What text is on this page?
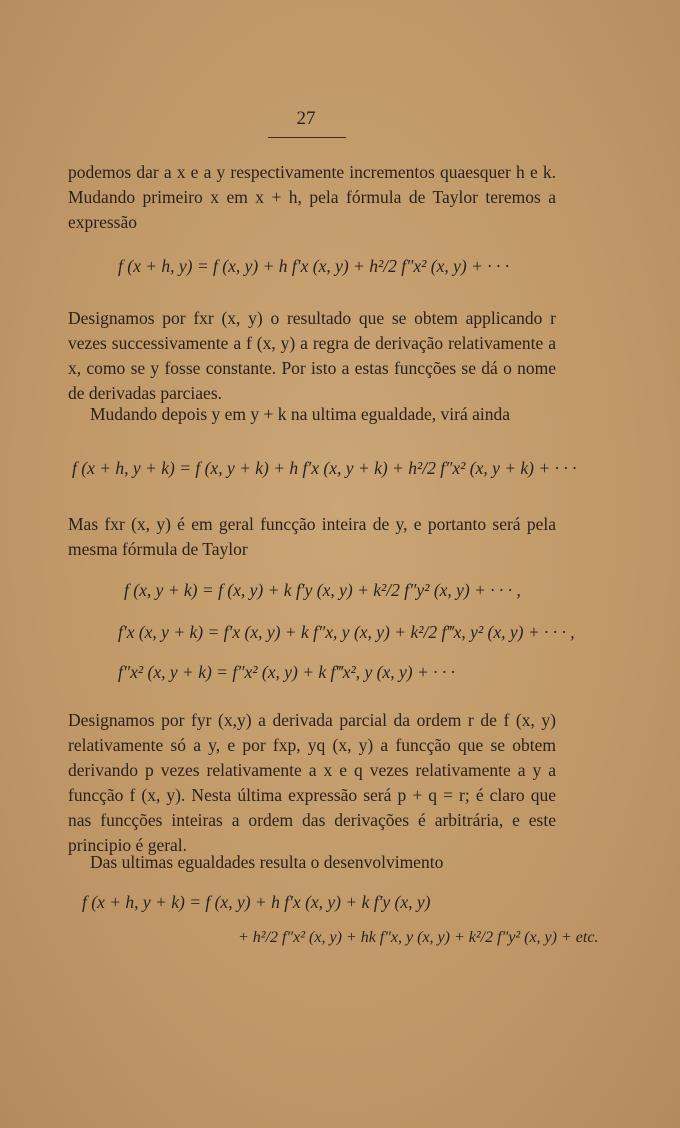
27

podemos dar a x e a y respectivamente incrementos quaesquer h e k. Mudando primeiro x em x + h, pela fórmula de Taylor teremos a expressão

f (x + h, y) = f (x, y) + h f′x (x, y) + h²/2 f″x² (x, y) + · · ·

Designamos por fxr (x, y) o resultado que se obtem applicando r vezes successivamente a f (x, y) a regra de derivação relativamente a x, como se y fosse constante. Por isto a estas funcções se dá o nome de derivadas parciaes.

Mudando depois y em y + k na ultima egualdade, virá ainda

f (x + h, y + k) = f (x, y + k) + h f′x (x, y + k) + h²/2 f″x² (x, y + k) + · · ·

Mas fxr (x, y) é em geral funcção inteira de y, e portanto será pela mesma fórmula de Taylor

f (x, y + k) = f (x, y) + k f′y (x, y) + k²/2 f″y² (x, y) + · · · ,
f′x (x, y + k) = f′x (x, y) + k f″x, y (x, y) + k²/2 f‴x, y² (x, y) + · · · ,
f″x² (x, y + k) = f″x² (x, y) + k f‴x², y (x, y) + · · ·

Designamos por fyr (x,y) a derivada parcial da ordem r de f (x, y) relativamente só a y, e por fxp, yq (x, y) a funcção que se obtem derivando p vezes relativamente a x e q vezes relativamente a y a funcção f (x, y). Nesta última expressão será p + q = r; é claro que nas funcções inteiras a ordem das derivações é arbitrária, e este principio é geral.

Das ultimas egualdades resulta o desenvolvimento

f (x + h, y + k) = f (x, y) + h f′x (x, y) + k f′y (x, y)
+ h²/2 f″x² (x, y) + hk f″x, y (x, y) + k²/2 f″y² (x, y) + etc.
